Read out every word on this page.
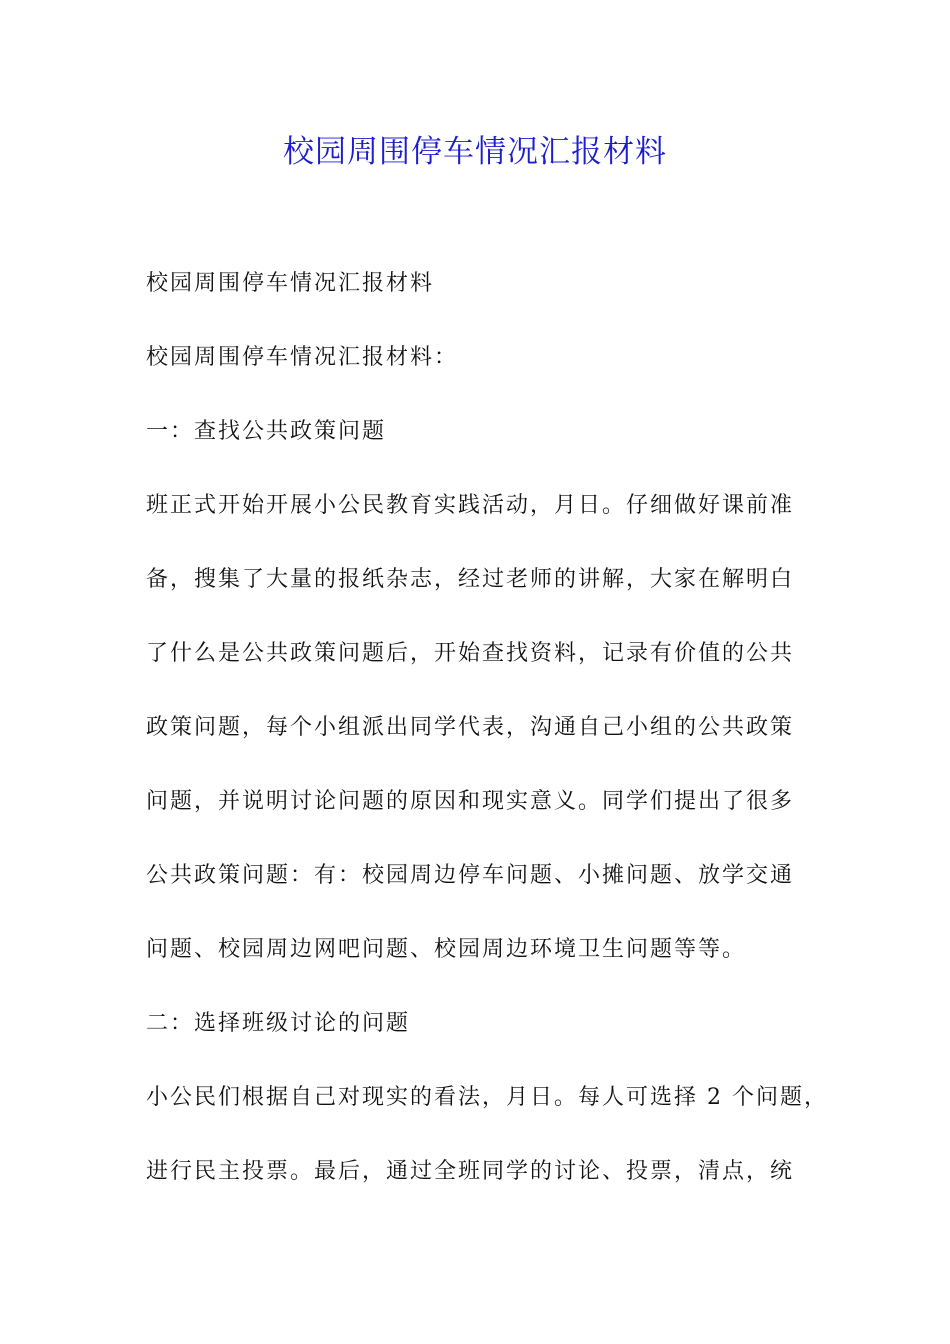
校园周围停车情况汇报材料
校园周围停车情况汇报材料
校园周围停车情况汇报材料：
一：查找公共政策问题
班正式开始开展小公民教育实践活动，月日。仔细做好课前准
备，搜集了大量的报纸杂志，经过老师的讲解，大家在解明白
了什么是公共政策问题后，开始查找资料，记录有价值的公共
政策问题，每个小组派出同学代表，沟通自己小组的公共政策
问题，并说明讨论问题的原因和现实意义。同学们提出了很多
公共政策问题：有：校园周边停车问题、小摊问题、放学交通
问题、校园周边网吧问题、校园周边环境卫生问题等等。
二：选择班级讨论的问题
小公民们根据自己对现实的看法，月日。每人可选择 2 个问题，
进行民主投票。最后，通过全班同学的讨论、投票，清点，统
